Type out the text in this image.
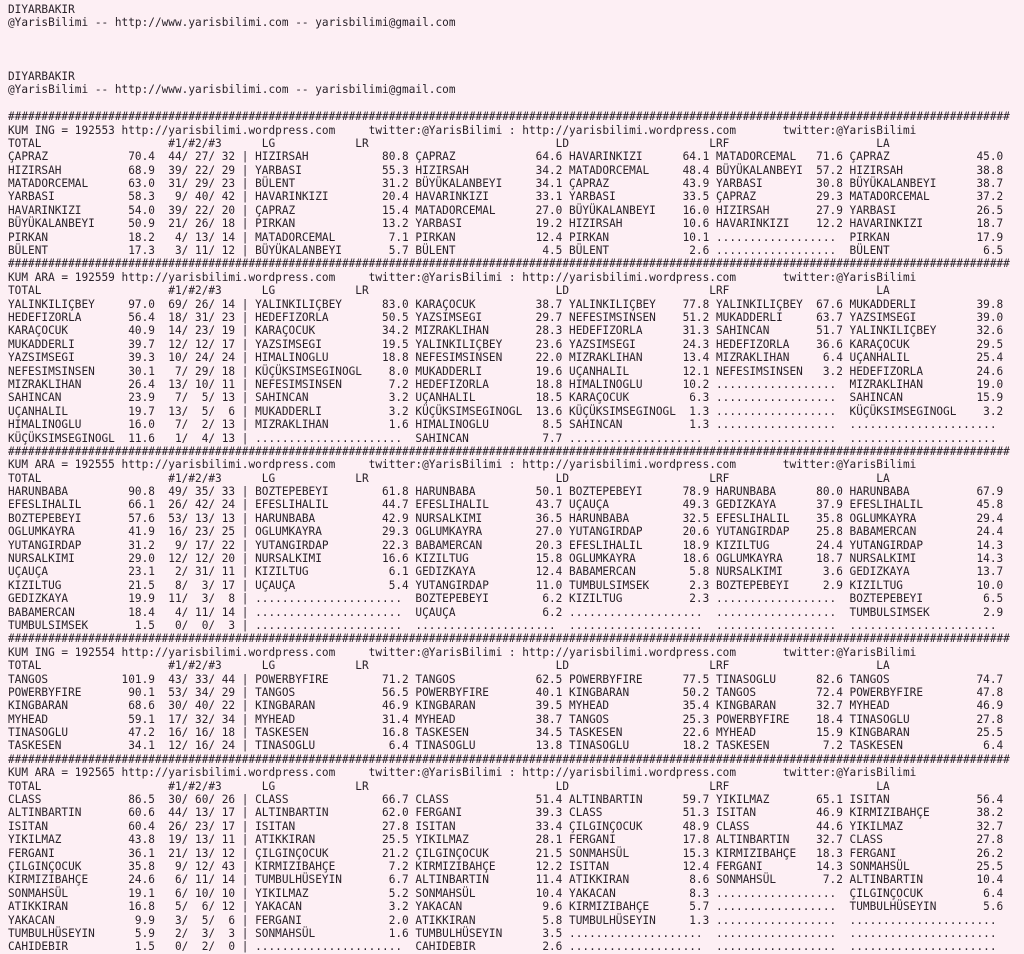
DIYARBAKIR
@YarisBilimi -- http://www.yarisbilimi.com -- yarisbilimi@gmail.com

DIYARBAKIR
@YarisBilimi -- http://www.yarisbilimi.com -- yarisbilimi@gmail.com

######################################################################################################################################################
KUM ING = 192553 http://yarisbilimi.wordpress.com     twitter:@YarisBilimi : http://yarisbilimi.wordpress.com       twitter:@YarisBilimi
TOTAL                   #1/#2/#3      LG            LR                            LD                     LRF                      LA
ÇAPRAZ            70.4  44/ 27/ 32 | HIZIRSAH           80.8 ÇAPRAZ            64.6 HAVARINKIZI      64.1 MATADORCEMAL   71.6 ÇAPRAZ             45.0
HIZIRSAH          68.9  39/ 22/ 29 | YARBASI            55.3 HIZIRSAH          34.2 MATADORCEMAL     48.4 BÜYÜKALANBEYI  57.2 HIZIRSAH           38.8
MATADORCEMAL      63.0  31/ 29/ 23 | BÜLENT             31.2 BÜYÜKALANBEYI     34.1 ÇAPRAZ           43.9 YARBASI        30.8 BÜYÜKALANBEYI      38.7
YARBASI           58.3   9/ 40/ 42 | HAVARINKIZI        20.4 HAVARINKIZI       33.1 YARBASI          33.5 ÇAPRAZ         29.3 MATADORCEMAL       37.2
HAVARINKIZI       54.0  39/ 22/ 20 | ÇAPRAZ             15.4 MATADORCEMAL      27.0 BÜYÜKALANBEYI    16.0 HIZIRSAH       27.9 YARBASI            26.5
BÜYÜKALANBEYI     50.9  21/ 26/ 18 | PIRKAN             13.2 YARBASI           19.2 HIZIRSAH         10.6 HAVARINKIZI    12.2 HAVARINKIZI        18.7
PIRKAN            18.2   4/ 13/ 14 | MATADORCEMAL        7.1 PIRKAN            12.4 PIRKAN           10.1 ..................  PIRKAN             17.9
BÜLENT            17.3   3/ 11/ 12 | BÜYÜKALANBEYI       5.7 BÜLENT             4.5 BÜLENT            2.6 ..................  BÜLENT              6.5
######################################################################################################################################################
KUM ARA = 192559 http://yarisbilimi.wordpress.com     twitter:@YarisBilimi : http://yarisbilimi.wordpress.com       twitter:@YarisBilimi
TOTAL                   #1/#2/#3      LG            LR                            LD                     LRF                      LA
YALINKILIÇBEY     97.0  69/ 26/ 14 | YALINKILIÇBEY      83.0 KARAÇOCUK         38.7 YALINKILIÇBEY    77.8 YALINKILIÇBEY  67.6 MUKADDERLI         39.8
HEDEFIZORLA       56.4  18/ 31/ 23 | HEDEFIZORLA        50.5 YAZSIMSEGI        29.7 NEFESIMSINSEN    51.2 MUKADDERLI     63.7 YAZSIMSEGI         39.0
KARAÇOCUK         40.9  14/ 23/ 19 | KARAÇOCUK          34.2 MIZRAKLIHAN       28.3 HEDEFIZORLA      31.3 SAHINCAN       51.7 YALINKILIÇBEY      32.6
MUKADDERLI        39.7  12/ 12/ 17 | YAZSIMSEGI         19.5 YALINKILIÇBEY     23.6 YAZSIMSEGI       24.3 HEDEFIZORLA    36.6 KARAÇOCUK          29.5
YAZSIMSEGI        39.3  10/ 24/ 24 | HIMALINOGLU        18.8 NEFESIMSINSEN     22.0 MIZRAKLIHAN      13.4 MIZRAKLIHAN     6.4 UÇANHALIL          25.4
NEFESIMSINSEN     30.1   7/ 29/ 18 | KÜÇÜKSIMSEGINOGL    8.0 MUKADDERLI        19.6 UÇANHALIL        12.1 NEFESIMSINSEN   3.2 HEDEFIZORLA        24.6
MIZRAKLIHAN       26.4  13/ 10/ 11 | NEFESIMSINSEN       7.2 HEDEFIZORLA       18.8 HIMALINOGLU      10.2 ..................  MIZRAKLIHAN        19.0
SAHINCAN          23.9   7/  5/ 13 | SAHINCAN            3.2 UÇANHALIL         18.5 KARAÇOCUK         6.3 ..................  SAHINCAN           15.9
UÇANHALIL         19.7  13/  5/  6 | MUKADDERLI          3.2 KÜÇÜKSIMSEGINOGL  13.6 KÜÇÜKSIMSEGINOGL  1.3 ..................  KÜÇÜKSIMSEGINOGL    3.2
HIMALINOGLU       16.0   7/  2/ 13 | MIZRAKLIHAN         1.6 HIMALINOGLU        8.5 SAHINCAN          1.3 ..................  ......................
KÜÇÜKSIMSEGINOGL  11.6   1/  4/ 13 | ......................  SAHINCAN           7.7 ....................  ..................  ......................
######################################################################################################################################################
KUM ARA = 192555 http://yarisbilimi.wordpress.com     twitter:@YarisBilimi : http://yarisbilimi.wordpress.com       twitter:@YarisBilimi
TOTAL                   #1/#2/#3      LG            LR                            LD                     LRF                      LA
HARUNBABA         90.8  49/ 35/ 33 | BOZTEPEBEYI        61.8 HARUNBABA         50.1 BOZTEPEBEYI      78.9 HARUNBABA      80.0 HARUNBABA          67.9
EFESLIHALIL       66.1  26/ 42/ 24 | EFESLIHALIL        44.7 EFESLIHALIL       43.7 UÇAUÇA           49.3 GEDIZKAYA      37.9 EFESLIHALIL        45.8
BOZTEPEBEYI       57.6  53/ 13/ 13 | HARUNBABA          42.9 NURSALKIMI        36.5 HARUNBABA        32.5 EFESLIHALIL    35.8 OGLUMKAYRA         29.4
OGLUMKAYRA        41.9  16/ 23/ 25 | OGLUMKAYRA         29.3 OGLUMKAYRA        27.0 YUTANGIRDAP      20.6 YUTANGIRDAP    25.8 BABAMERCAN         24.4
YUTANGIRDAP       31.2   9/ 17/ 22 | YUTANGIRDAP        22.3 BABAMERCAN        20.3 EFESLIHALIL      18.9 KIZILTUG       24.4 YUTANGIRDAP        14.3
NURSALKIMI        29.0  12/ 12/ 20 | NURSALKIMI         16.6 KIZILTUG          15.8 OGLUMKAYRA       18.6 OGLUMKAYRA     18.7 NURSALKIMI         14.3
UÇAUÇA            23.1   2/ 31/ 11 | KIZILTUG            6.1 GEDIZKAYA         12.4 BABAMERCAN        5.8 NURSALKIMI      3.6 GEDIZKAYA          13.7
KIZILTUG          21.5   8/  3/ 17 | UÇAUÇA              5.4 YUTANGIRDAP       11.0 TUMBULSIMSEK      2.3 BOZTEPEBEYI     2.9 KIZILTUG           10.0
GEDIZKAYA         19.9  11/  3/  8 | ......................  BOZTEPEBEYI        6.2 KIZILTUG          2.3 ..................  BOZTEPEBEYI         6.5
BABAMERCAN        18.4   4/ 11/ 14 | ......................  UÇAUÇA             6.2 ....................  ..................  TUMBULSIMSEK        2.9
TUMBULSIMSEK       1.5   0/  0/  3 | ......................  .....................  ....................  ..................  ......................
######################################################################################################################################################
KUM ING = 192554 http://yarisbilimi.wordpress.com     twitter:@YarisBilimi : http://yarisbilimi.wordpress.com       twitter:@YarisBilimi
TOTAL                   #1/#2/#3      LG            LR                            LD                     LRF                      LA
TANGOS           101.9  43/ 33/ 44 | POWERBYFIRE        71.2 TANGOS            62.5 POWERBYFIRE      77.5 TINASOGLU      82.6 TANGOS             74.7
POWERBYFIRE       90.1  53/ 34/ 29 | TANGOS             56.5 POWERBYFIRE       40.1 KINGBARAN        50.2 TANGOS         72.4 POWERBYFIRE        47.8
KINGBARAN         68.6  30/ 40/ 22 | KINGBARAN          46.9 KINGBARAN         39.5 MYHEAD           35.4 KINGBARAN      32.7 MYHEAD             46.9
MYHEAD            59.1  17/ 32/ 34 | MYHEAD             31.4 MYHEAD            38.7 TANGOS           25.3 POWERBYFIRE    18.4 TINASOGLU          27.8
TINASOGLU         47.2  16/ 16/ 18 | TASKESEN           16.8 TASKESEN          34.5 TASKESEN         22.6 MYHEAD         15.9 KINGBARAN          25.5
TASKESEN          34.1  12/ 16/ 24 | TINASOGLU           6.4 TINASOGLU         13.8 TINASOGLU        18.2 TASKESEN        7.2 TASKESEN            6.4
######################################################################################################################################################
KUM ARA = 192565 http://yarisbilimi.wordpress.com     twitter:@YarisBilimi : http://yarisbilimi.wordpress.com       twitter:@YarisBilimi
TOTAL                   #1/#2/#3      LG            LR                            LD                     LRF                      LA
CLASS             86.5  30/ 60/ 26 | CLASS              66.7 CLASS             51.4 ALTINBARTIN      59.7 YIKILMAZ       65.1 ISITAN             56.4
ALTINBARTIN       60.6  44/ 13/ 17 | ALTINBARTIN        62.0 FERGANI           39.3 CLASS            51.3 ISITAN         46.9 KIRMIZIBAHÇE       38.2
ISITAN            60.4  26/ 23/ 17 | ISITAN             27.8 ISITAN            33.4 ÇILGINÇOCUK      48.9 CLASS          44.6 YIKILMAZ           32.7
YIKILMAZ          43.8  19/ 13/ 11 | ATIKKIRAN          25.5 YIKILMAZ          28.1 FERGANI          17.8 ALTINBARTIN    32.7 CLASS              27.8
FERGANI           36.1  21/ 13/ 12 | ÇILGINÇOCUK        21.2 ÇILGINÇOCUK       21.5 SONMAHSÜL        15.3 KIRMIZIBAHÇE   18.3 FERGANI            26.2
ÇILGINÇOCUK       35.8   9/ 12/ 43 | KIRMIZIBAHÇE        7.2 KIRMIZIBAHÇE      12.2 ISITAN           12.4 FERGANI        14.3 SONMAHSÜL          25.5
KIRMIZIBAHÇE      24.6   6/ 11/ 14 | TUMBULHÜSEYIN       6.7 ALTINBARTIN       11.4 ATIKKIRAN         8.6 SONMAHSÜL       7.2 ALTINBARTIN        10.4
SONMAHSÜL         19.1   6/ 10/ 10 | YIKILMAZ            5.2 SONMAHSÜL         10.4 YAKACAN           8.3 ..................  ÇILGINÇOCUK         6.4
ATIKKIRAN         16.8   5/  6/ 12 | YAKACAN             3.2 YAKACAN            9.6 KIRMIZIBAHÇE      5.7 ..................  TUMBULHÜSEYIN       5.6
YAKACAN            9.9   3/  5/  6 | FERGANI             2.0 ATIKKIRAN          5.8 TUMBULHÜSEYIN     1.3 ..................  ......................
TUMBULHÜSEYIN      5.9   2/  3/  3 | SONMAHSÜL           1.6 TUMBULHÜSEYIN      3.5 ....................  ..................  ......................
CAHIDEBIR          1.5   0/  2/  0 | ......................  CAHIDEBIR          2.6 ....................  ..................  ......................
